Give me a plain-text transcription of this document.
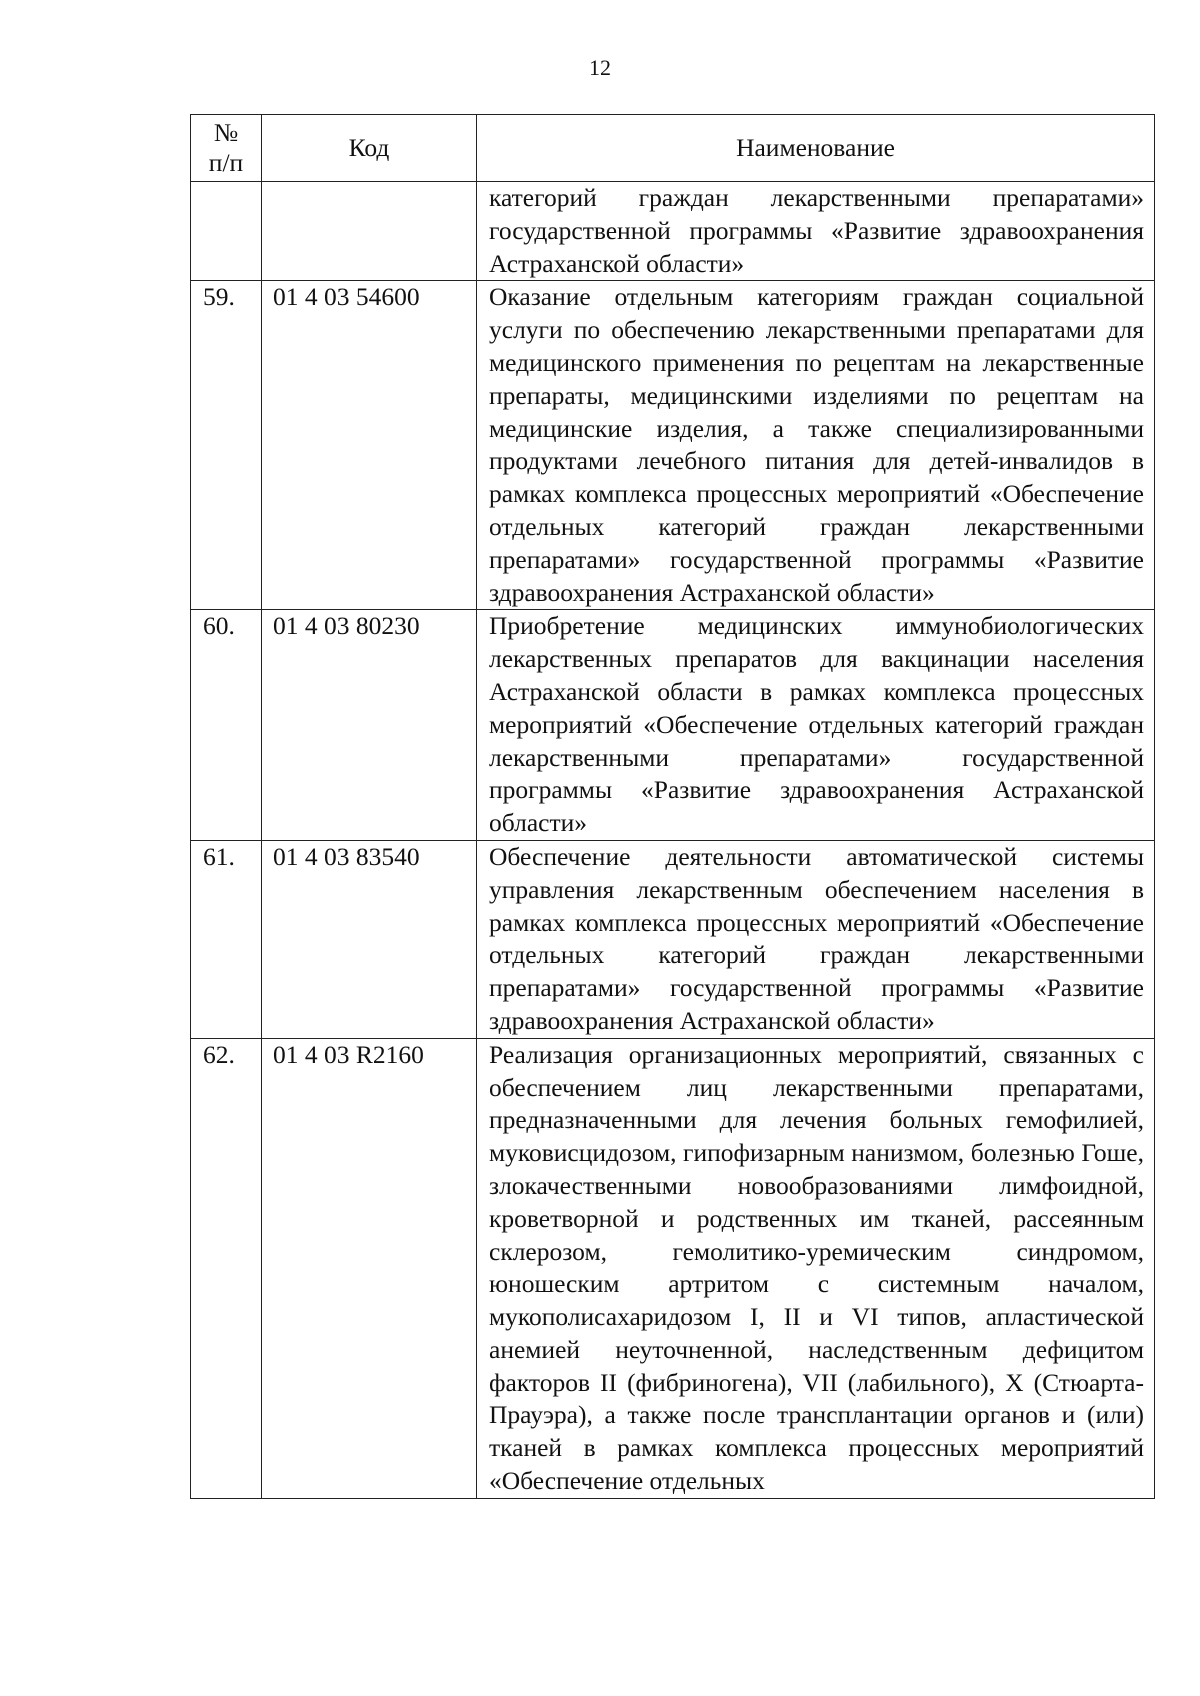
12
№
п/п	Код	Наименование
		категорий граждан лекарственными препаратами» государственной программы «Развитие здравоохранения Астраханской области»
59.	01 4 03 54600	Оказание отдельным категориям граждан социальной услуги по обеспечению лекарственными препаратами для медицинского применения по рецептам на лекарственные препараты, медицинскими изделиями по рецептам на медицинские изделия, а также специализированными продуктами лечебного питания для детей-инвалидов в рамках комплекса процессных мероприятий «Обеспечение отдельных категорий граждан лекарственными препаратами» государственной программы «Развитие здравоохранения Астраханской области»
60.	01 4 03 80230	Приобретение медицинских иммунобиологических лекарственных препаратов для вакцинации населения Астраханской области в рамках комплекса процессных мероприятий «Обеспечение отдельных категорий граждан лекарственными препаратами» государственной программы «Развитие здравоохранения Астраханской области»
61.	01 4 03 83540	Обеспечение деятельности автоматической системы управления лекарственным обеспечением населения в рамках комплекса процессных мероприятий «Обеспечение отдельных категорий граждан лекарственными препаратами» государственной программы «Развитие здравоохранения Астраханской области»
62.	01 4 03 R2160	Реализация организационных мероприятий, связанных с обеспечением лиц лекарственными препаратами, предназначенными для лечения больных гемофилией, муковисцидозом, гипофизарным нанизмом, болезнью Гоше, злокачественными новообразованиями лимфоидной, кроветворной и родственных им тканей, рассеянным склерозом, гемолитико-уремическим синдромом, юношеским артритом с системным началом, мукополисахаридозом I, II и VI типов, апластической анемией неуточненной, наследственным дефицитом факторов II (фибриногена), VII (лабильного), X (Стюарта-Прауэра), а также после трансплантации органов и (или) тканей в рамках комплекса процессных мероприятий «Обеспечение отдельных
